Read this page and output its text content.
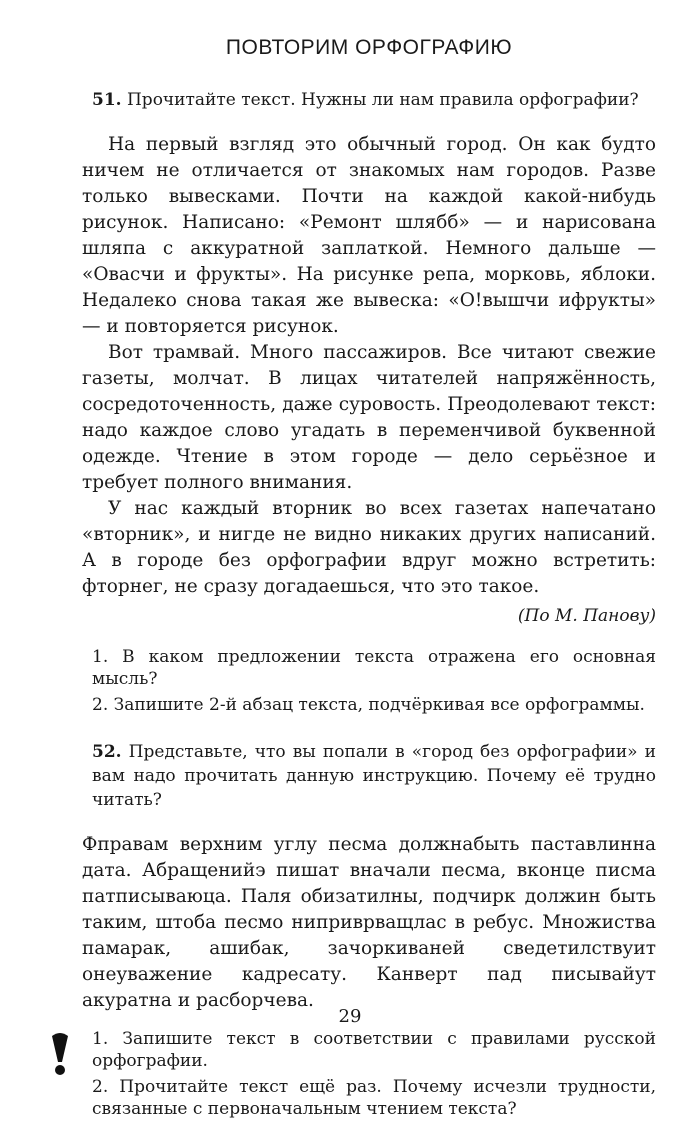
ПОВТОРИМ ОРФОГРАФИЮ
51. Прочитайте текст. Нужны ли нам правила орфографии?

На первый взгляд это обычный город. Он как будто ничем не отличается от знакомых нам городов. Разве только вывесками. Почти на каждой какой-нибудь рисунок. Написано: «Ремонт шлябб» — и нарисована шляпа с аккуратной заплаткой. Немного дальше — «Овасчи и фрукты». На рисунке репа, морковь, яблоки. Недалеко снова такая же вывеска: «О!вышчи ифрукты» — и повторяется рисунок.

Вот трамвай. Много пассажиров. Все читают свежие газеты, молчат. В лицах читателей напряжённость, сосредоточенность, даже суровость. Преодолевают текст: надо каждое слово угадать в переменчивой буквенной одежде. Чтение в этом городе — дело серьёзное и требует полного внимания.

У нас каждый вторник во всех газетах напечатано «вторник», и нигде не видно никаких других написаний. А в городе без орфографии вдруг можно встретить: фторнег, не сразу догадаешься, что это такое.

(По М. Панову)
1. В каком предложении текста отражена его основная мысль?
2. Запишите 2-й абзац текста, подчёркивая все орфограммы.
52. Представьте, что вы попали в «город без орфографии» и вам надо прочитать данную инструкцию. Почему её трудно читать?

Фправам верхним углу песма должнабыть паставлинна дата. Абращенийэ пишат вначали песма, вконце писма патписываюца. Паля обизатилны, подчирк должин быть таким, штоба песмо ниприврващлас в ребус. Множиства памарак, ашибак, зачоркиваней сведетилствуит онеуважение кадресату. Канверт пад писывайут акуратна и расборчева.

1. Запишите текст в соответствии с правилами русской орфографии.
2. Прочитайте текст ещё раз. Почему исчезли трудности, связанные с первоначальным чтением текста?
29
